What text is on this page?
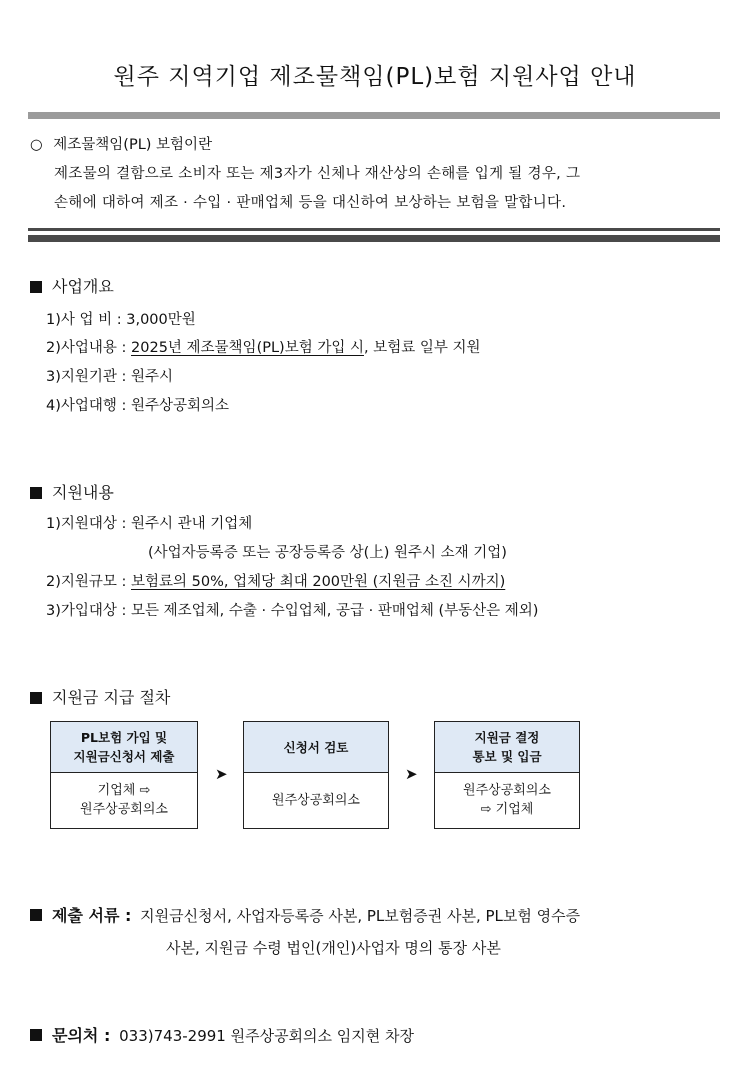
원주 지역기업 제조물책임(PL)보험 지원사업 안내
○ 제조물책임(PL) 보험이란
제조물의 결함으로 소비자 또는 제3자가 신체나 재산상의 손해를 입게 될 경우, 그
손해에 대하여 제조 · 수입 · 판매업체 등을 대신하여 보상하는 보험을 말합니다.
사업개요
1)사 업 비 : 3,000만원
2)사업내용 : 2025년 제조물책임(PL)보험 가입 시, 보험료 일부 지원
3)지원기관 : 원주시
4)사업대행 : 원주상공회의소
지원내용
1)지원대상 : 원주시 관내 기업체
(사업자등록증 또는 공장등록증 상(上) 원주시 소재 기업)
2)지원규모 : 보험료의 50%, 업체당 최대 200만원 (지원금 소진 시까지)
3)가입대상 : 모든 제조업체, 수출 · 수입업체, 공급 · 판매업체 (부동산은 제외)
지원금 지급 절차
PL보험 가입 및
지원금신청서 제출
기업체 ⇨
원주상공회의소
➤
신청서 검토
원주상공회의소
➤
지원금 결정
통보 및 입금
원주상공회의소
⇨ 기업체
제출 서류 : 지원금신청서, 사업자등록증 사본, PL보험증권 사본, PL보험 영수증
사본, 지원금 수령 법인(개인)사업자 명의 통장 사본
문의처 : 033)743-2991 원주상공회의소 임지현 차장
